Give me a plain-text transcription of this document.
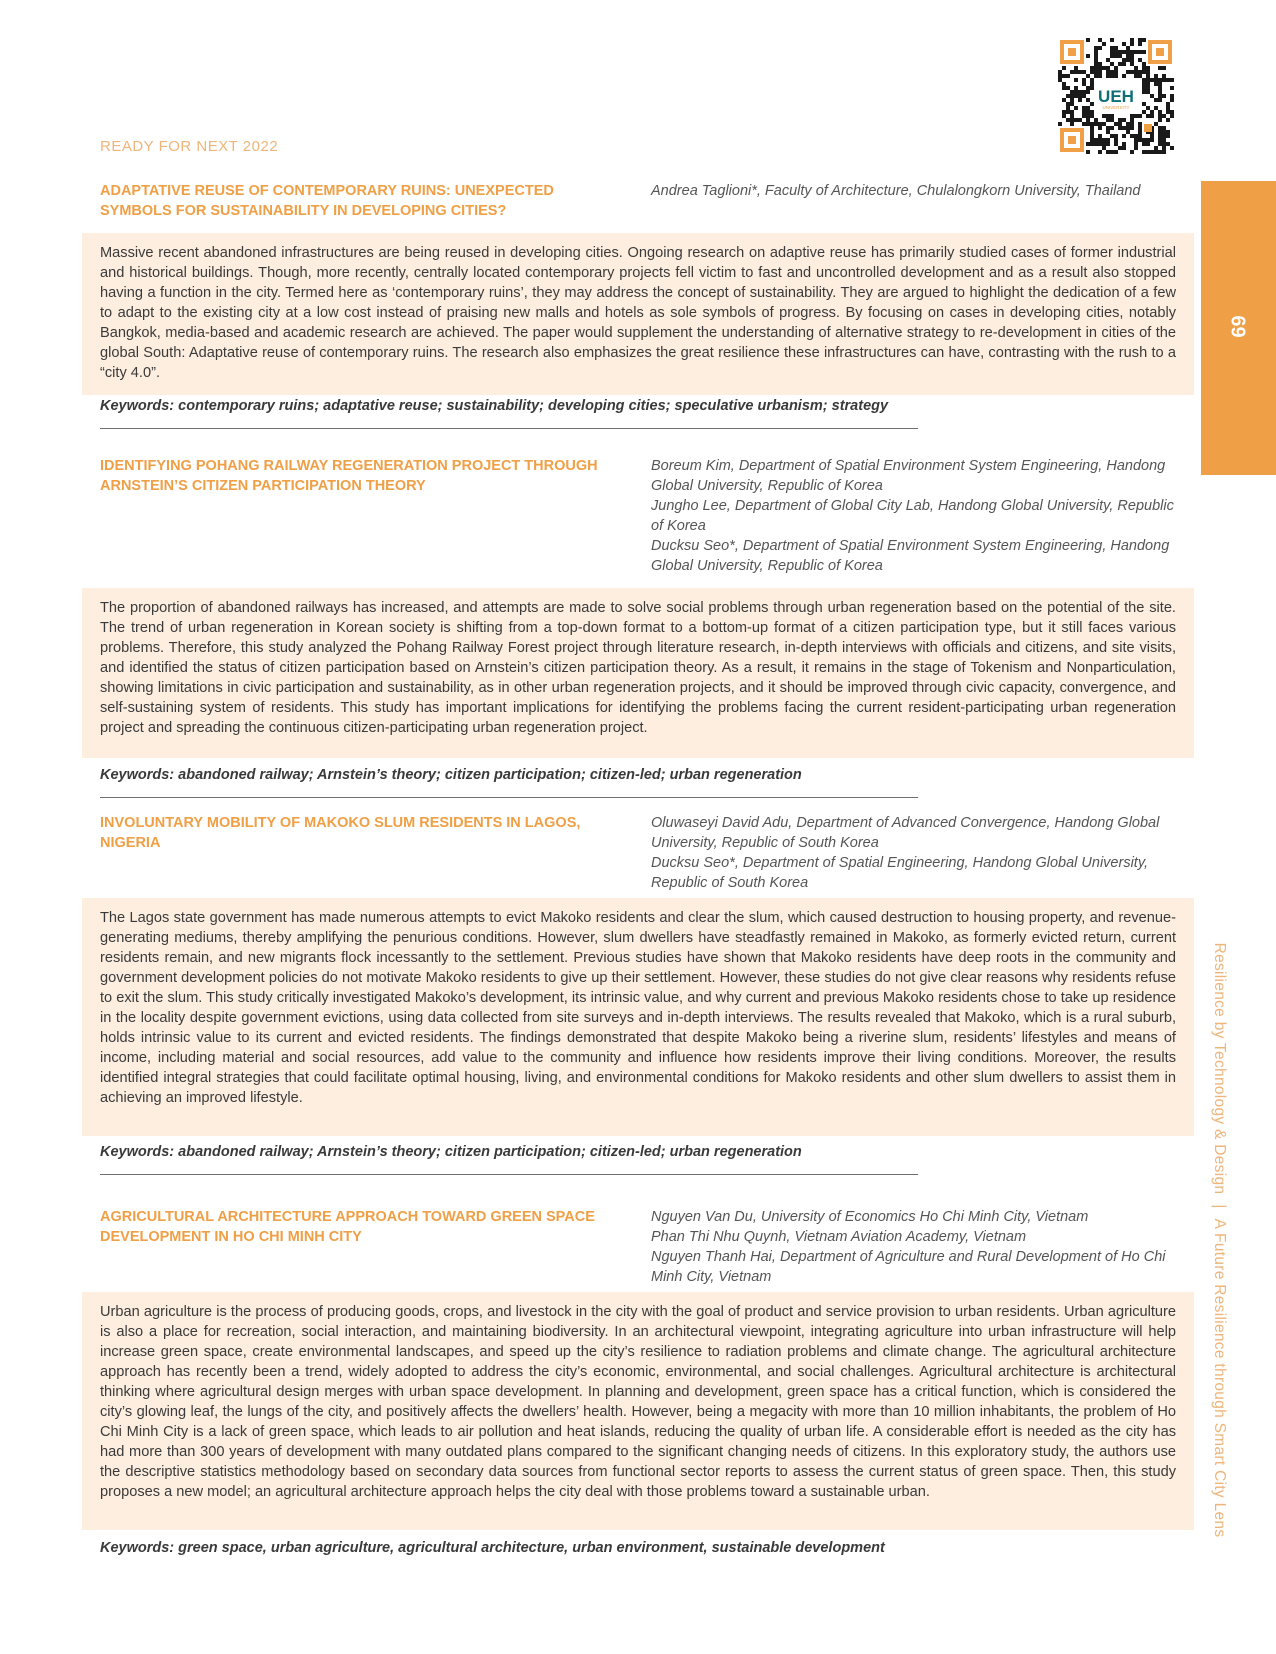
UEH
UNIVERSITY
READY FOR NEXT 2022
69
Resilience by Technology & Design|A Future Resilience through Smart City Lens
ADAPTATIVE REUSE OF CONTEMPORARY RUINS: UNEXPECTED SYMBOLS FOR SUSTAINABILITY IN DEVELOPING CITIES?
Andrea Taglioni*, Faculty of Architecture, Chulalongkorn University, Thailand

Massive recent abandoned infrastructures are being reused in developing cities. Ongoing research on adaptive reuse has primarily studied cases of former industrial and historical buildings. Though, more recently, centrally located contemporary projects fell victim to fast and uncontrolled development and as a result also stopped having a function in the city. Termed here as ‘contemporary ruins’, they may address the concept of sustainability. They are argued to highlight the dedication of a few to adapt to the existing city at a low cost instead of praising new malls and hotels as sole symbols of progress. By focusing on cases in developing cities, notably Bangkok, media-based and academic research are achieved. The paper would supplement the understanding of alternative strategy to re-development in cities of the global South: Adaptative reuse of contemporary ruins. The research also emphasizes the great resilience these infrastructures can have, contrasting with the rush to a “city 4.0”.

Keywords: contemporary ruins; adaptative reuse; sustainability; developing cities; speculative urbanism; strategy

IDENTIFYING POHANG RAILWAY REGENERATION PROJECT THROUGH ARNSTEIN’S CITIZEN PARTICIPATION THEORY
Boreum Kim, Department of Spatial Environment System Engineering, Handong Global University, Republic of Korea
Jungho Lee, Department of Global City Lab, Handong Global University, Republic of Korea
Ducksu Seo*, Department of Spatial Environment System Engineering, Handong Global University, Republic of Korea

The proportion of abandoned railways has increased, and attempts are made to solve social problems through urban regeneration based on the potential of the site. The trend of urban regeneration in Korean society is shifting from a top-down format to a bottom-up format of a citizen participation type, but it still faces various problems. Therefore, this study analyzed the Pohang Railway Forest project through literature research, in-depth interviews with officials and citizens, and site visits, and identified the status of citizen participation based on Arnstein’s citizen participation theory. As a result, it remains in the stage of Tokenism and Nonparticulation, showing limitations in civic participation and sustainability, as in other urban regeneration projects, and it should be improved through civic capacity, convergence, and self-sustaining system of residents. This study has important implications for identifying the problems facing the current resident-participating urban regeneration project and spreading the continuous citizen-participating urban regeneration project.

Keywords: abandoned railway; Arnstein’s theory; citizen participation; citizen-led; urban regeneration

INVOLUNTARY MOBILITY OF MAKOKO SLUM RESIDENTS IN LAGOS, NIGERIA
Oluwaseyi David Adu, Department of Advanced Convergence, Handong Global University, Republic of South Korea
Ducksu Seo*, Department of Spatial Engineering, Handong Global University, Republic of South Korea

The Lagos state government has made numerous attempts to evict Makoko residents and clear the slum, which caused destruction to housing property, and revenue-generating mediums, thereby amplifying the penurious conditions. However, slum dwellers have steadfastly remained in Makoko, as formerly evicted return, current residents remain, and new migrants flock incessantly to the settlement. Previous studies have shown that Makoko residents have deep roots in the community and government development policies do not motivate Makoko residents to give up their settlement. However, these studies do not give clear reasons why residents refuse to exit the slum. This study critically investigated Makoko’s development, its intrinsic value, and why current and previous Makoko residents chose to take up residence in the locality despite government evictions, using data collected from site surveys and in-depth interviews. The results revealed that Makoko, which is a rural suburb, holds intrinsic value to its current and evicted residents. The findings demonstrated that despite Makoko being a riverine slum, residents’ lifestyles and means of income, including material and social resources, add value to the community and influence how residents improve their living conditions. Moreover, the results identified integral strategies that could facilitate optimal housing, living, and environmental conditions for Makoko residents and other slum dwellers to assist them in achieving an improved lifestyle.

Keywords: abandoned railway; Arnstein’s theory; citizen participation; citizen-led; urban regeneration

AGRICULTURAL ARCHITECTURE APPROACH TOWARD GREEN SPACE DEVELOPMENT IN HO CHI MINH CITY
Nguyen Van Du, University of Economics Ho Chi Minh City, Vietnam
Phan Thi Nhu Quynh, Vietnam Aviation Academy, Vietnam
Nguyen Thanh Hai, Department of Agriculture and Rural Development of Ho Chi Minh City, Vietnam

Urban agriculture is the process of producing goods, crops, and livestock in the city with the goal of product and service provision to urban residents. Urban agriculture is also a place for recreation, social interaction, and maintaining biodiversity. In an architectural viewpoint, integrating agriculture into urban infrastructure will help increase green space, create environmental landscapes, and speed up the city’s resilience to radiation problems and climate change. The agricultural architecture approach has recently been a trend, widely adopted to address the city’s economic, environmental, and social challenges. Agricultural architecture is architectural thinking where agricultural design merges with urban space development. In planning and development, green space has a critical function, which is considered the city’s glowing leaf, the lungs of the city, and positively affects the dwellers’ health. However, being a megacity with more than 10 million inhabitants, the problem of Ho Chi Minh City is a lack of green space, which leads to air pollution and heat islands, reducing the quality of urban life. A considerable effort is needed as the city has had more than 300 years of development with many outdated plans compared to the significant changing needs of citizens. In this exploratory study, the authors use the descriptive statistics methodology based on secondary data sources from functional sector reports to assess the current status of green space. Then, this study proposes a new model; an agricultural architecture approach helps the city deal with those problems toward a sustainable urban.

Keywords: green space, urban agriculture, agricultural architecture, urban environment, sustainable development
